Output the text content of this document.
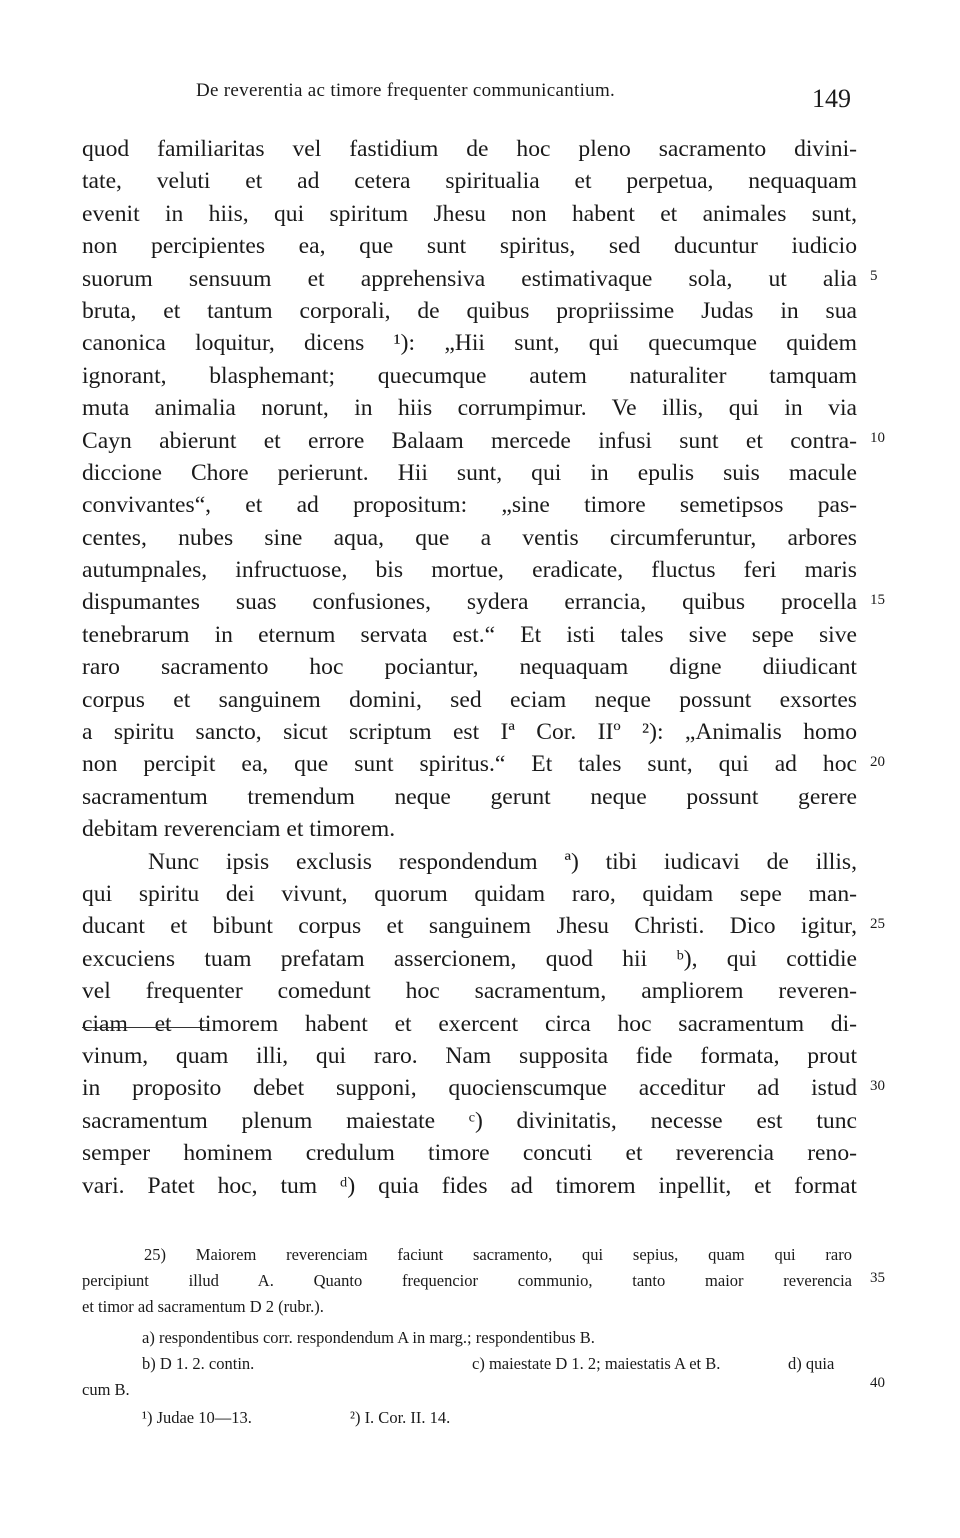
De reverentia ac timore frequenter communicantium.	149
quod familiaritas vel fastidium de hoc pleno sacramento divini-
tate, veluti et ad cetera spiritualia et perpetua, nequaquam
evenit in hiis, qui spiritum Jhesu non habent et animales sunt,
non percipientes ea, que sunt spiritus, sed ducuntur iudicio
suorum sensuum et apprehensiva estimativaque sola, ut alia
bruta, et tantum corporali, de quibus propriissime Judas in sua
canonica loquitur, dicens ¹): „Hii sunt, qui quecumque quidem
ignorant, blasphemant; quecumque autem naturaliter tamquam
muta animalia norunt, in hiis corrumpimur. Ve illis, qui in via
Cayn abierunt et errore Balaam mercede infusi sunt et contra-
diccione Chore perierunt. Hii sunt, qui in epulis suis macule
convivantes“, et ad propositum: „sine timore semetipsos pas-
centes, nubes sine aqua, que a ventis circumferuntur, arbores
autumpnales, infructuose, bis mortue, eradicate, fluctus feri maris
dispumantes suas confusiones, sydera errancia, quibus procella
tenebrarum in eternum servata est.“ Et isti tales sive sepe sive
raro sacramento hoc pociantur, nequaquam digne diiudicant
corpus et sanguinem domini, sed eciam neque possunt exsortes
a spiritu sancto, sicut scriptum est Iª Cor. IIº ²): „Animalis homo
non percipit ea, que sunt spiritus.“ Et tales sunt, qui ad hoc
sacramentum tremendum neque gerunt neque possunt gerere
debitam reverenciam et timorem.
Nunc ipsis exclusis respondendum ª) tibi iudicavi de illis,
qui spiritu dei vivunt, quorum quidam raro, quidam sepe man-
ducant et bibunt corpus et sanguinem Jhesu Christi. Dico igitur,
excuciens tuam prefatam assercionem, quod hii ᵇ), qui cottidie
vel frequenter comedunt hoc sacramentum, ampliorem reveren-
ciam et timorem habent et exercent circa hoc sacramentum di-
vinum, quam illi, qui raro. Nam supposita fide formata, prout
in proposito debet supponi, quocienscumque acceditur ad istud
sacramentum plenum maiestate ᶜ) divinitatis, necesse est tunc
semper hominem credulum timore concuti et reverencia reno-
vari. Patet hoc, tum ᵈ) quia fides ad timorem inpellit, et format
5
10
15
20
25
30
35
40
25) Maiorem reverenciam faciunt sacramento, qui sepius, quam qui raro
percipiunt illud A. Quanto frequencior communio, tanto maior reverencia
et timor ad sacramentum D 2 (rubr.).
a) respondentibus corr. respondendum A in marg.; respondentibus B.
b) D 1. 2. contin.	c) maiestate D 1. 2; maiestatis A et B.	d) quia
cum B.
¹) Judae 10—13.	²) I. Cor. II. 14.
